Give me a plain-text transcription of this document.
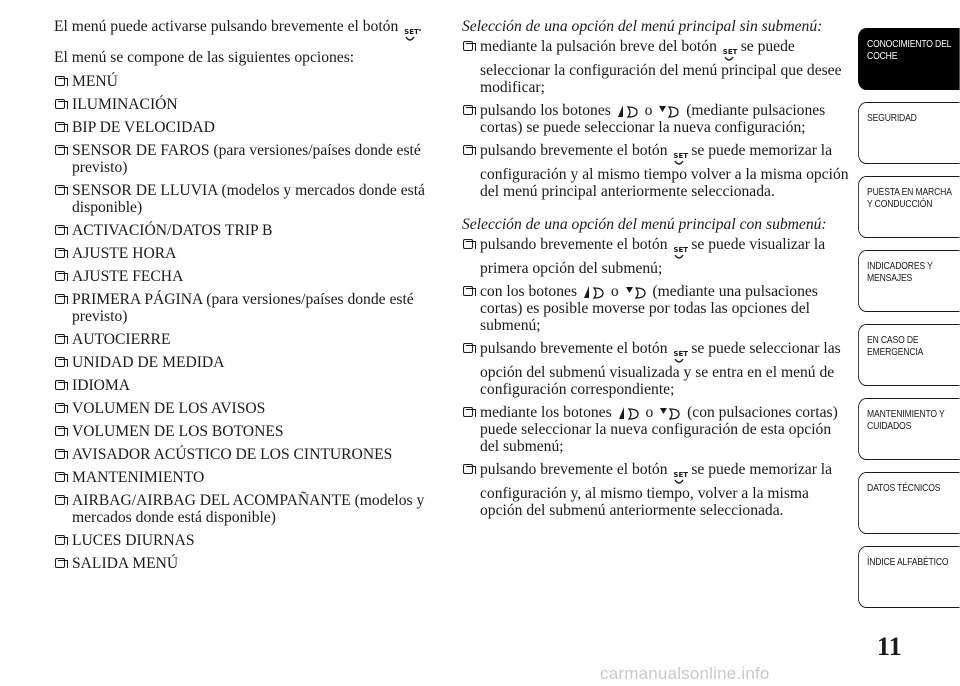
El menú puede activarse pulsando brevemente el botón SET
.

El menú se compone de las siguientes opciones:

MENÚ
ILUMINACIÓN
BIP DE VELOCIDAD
SENSOR DE FAROS (para versiones/países donde esté previsto)
SENSOR DE LLUVIA (modelos y mercados donde está disponible)
ACTIVACIÓN/DATOS TRIP B
AJUSTE HORA
AJUSTE FECHA
PRIMERA PÁGINA (para versiones/países donde esté previsto)
AUTOCIERRE
UNIDAD DE MEDIDA
IDIOMA
VOLUMEN DE LOS AVISOS
VOLUMEN DE LOS BOTONES
AVISADOR ACÚSTICO DE LOS CINTURONES
MANTENIMIENTO
AIRBAG/AIRBAG DEL ACOMPAÑANTE (modelos y mercados donde está disponible)
LUCES DIURNAS
SALIDA MENÚ

Selección de una opción del menú principal sin submenú:

mediante la pulsación breve del botón SET se puede seleccionar la configuración del menú principal que desee modificar;
pulsando los botones o (mediante pulsaciones cortas) se puede seleccionar la nueva configuración;
pulsando brevemente el botón SET se puede memorizar la configuración y al mismo tiempo volver a la misma opción del menú principal anteriormente seleccionada.

Selección de una opción del menú principal con submenú:

pulsando brevemente el botón SET se puede visualizar la primera opción del submenú;
con los botones o (mediante una pulsaciones cortas) es posible moverse por todas las opciones del submenú;
pulsando brevemente el botón SET se puede seleccionar las opción del submenú visualizada y se entra en el menú de configuración correspondiente;
mediante los botones o (con pulsaciones cortas) puede seleccionar la nueva configuración de esta opción del submenú;
pulsando brevemente el botón SET se puede memorizar la configuración y, al mismo tiempo, volver a la misma opción del submenú anteriormente seleccionada.
CONOCIMIENTO DEL COCHE
SEGURIDAD
PUESTA EN MARCHA Y CONDUCCIÓN
INDICADORES Y MENSAJES
EN CASO DE EMERGENCIA
MANTENIMIENTO Y CUIDADOS
DATOS TÉCNICOS
ÍNDICE ALFABÉTICO
11
carmanualsonline.info
